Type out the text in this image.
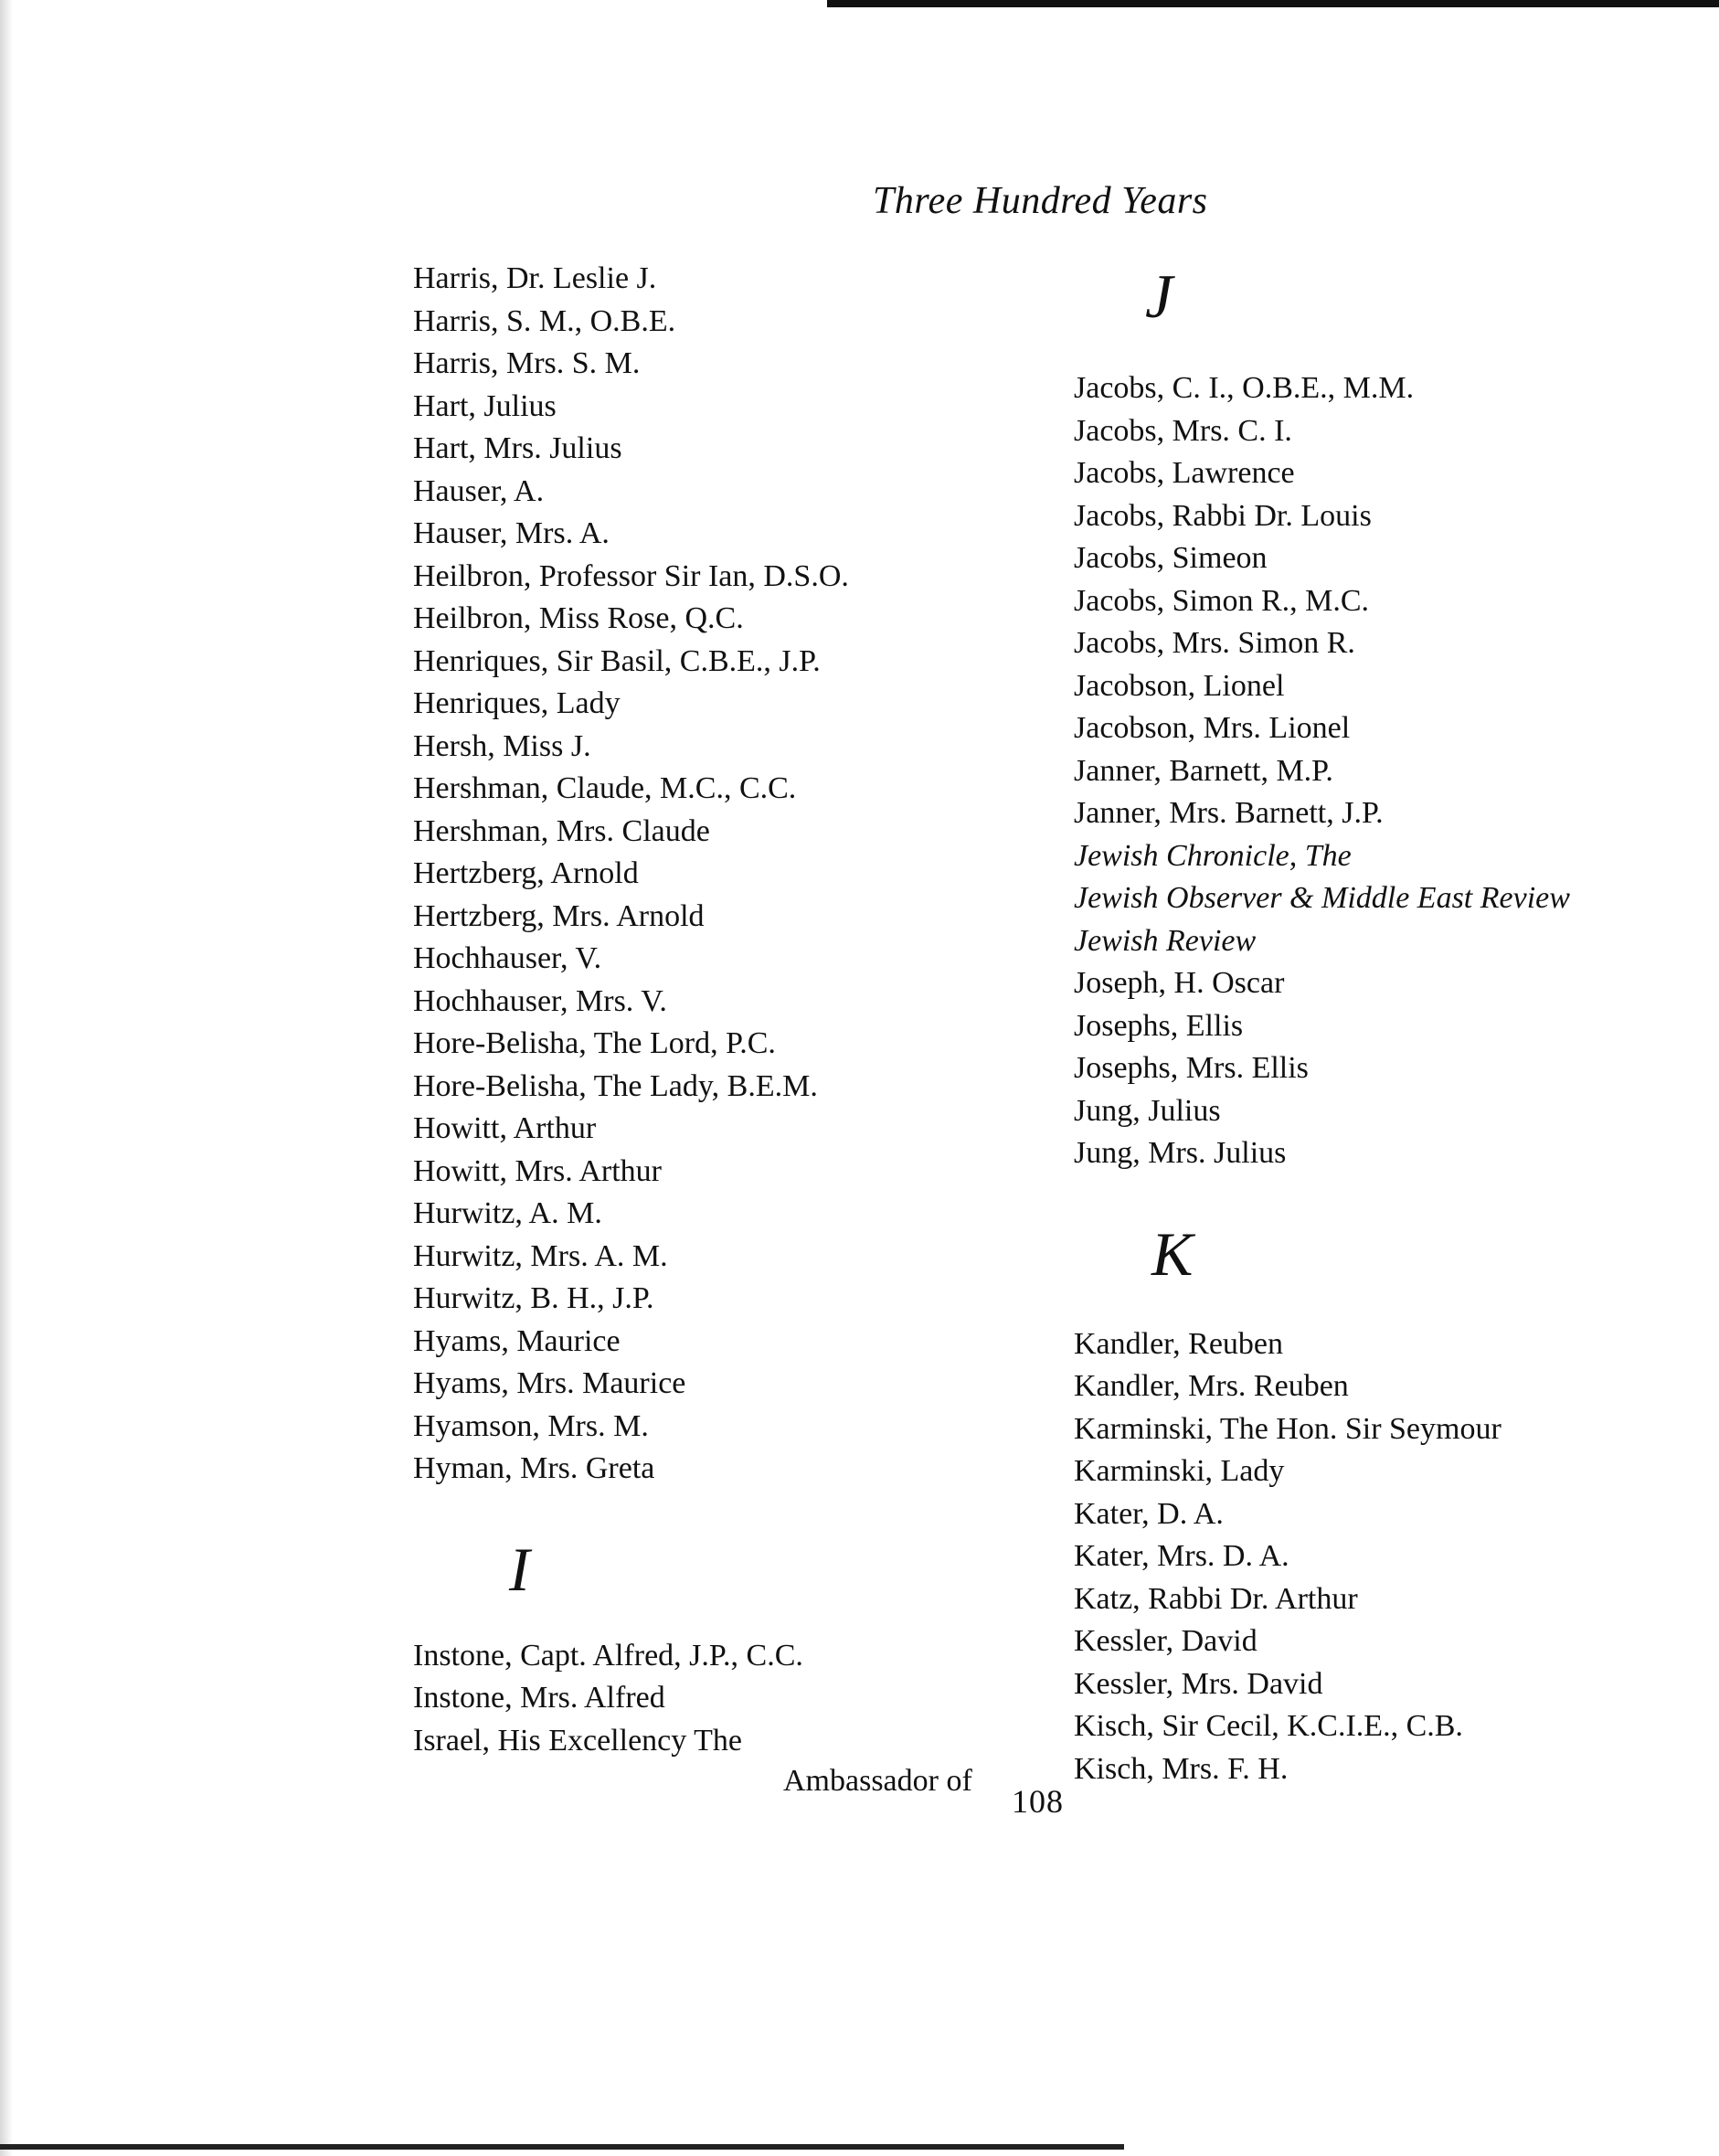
Three Hundred Years
Harris, Dr. Leslie J.
Harris, S. M., O.B.E.
Harris, Mrs. S. M.
Hart, Julius
Hart, Mrs. Julius
Hauser, A.
Hauser, Mrs. A.
Heilbron, Professor Sir Ian, D.S.O.
Heilbron, Miss Rose, Q.C.
Henriques, Sir Basil, C.B.E., J.P.
Henriques, Lady
Hersh, Miss J.
Hershman, Claude, M.C., C.C.
Hershman, Mrs. Claude
Hertzberg, Arnold
Hertzberg, Mrs. Arnold
Hochhauser, V.
Hochhauser, Mrs. V.
Hore-Belisha, The Lord, P.C.
Hore-Belisha, The Lady, B.E.M.
Howitt, Arthur
Howitt, Mrs. Arthur
Hurwitz, A. M.
Hurwitz, Mrs. A. M.
Hurwitz, B. H., J.P.
Hyams, Maurice
Hyams, Mrs. Maurice
Hyamson, Mrs. M.
Hyman, Mrs. Greta
I
Instone, Capt. Alfred, J.P., C.C.
Instone, Mrs. Alfred
Israel, His Excellency The
Ambassador of
J
Jacobs, C. I., O.B.E., M.M.
Jacobs, Mrs. C. I.
Jacobs, Lawrence
Jacobs, Rabbi Dr. Louis
Jacobs, Simeon
Jacobs, Simon R., M.C.
Jacobs, Mrs. Simon R.
Jacobson, Lionel
Jacobson, Mrs. Lionel
Janner, Barnett, M.P.
Janner, Mrs. Barnett, J.P.
Jewish Chronicle, The
Jewish Observer & Middle East Review
Jewish Review
Joseph, H. Oscar
Josephs, Ellis
Josephs, Mrs. Ellis
Jung, Julius
Jung, Mrs. Julius
K
Kandler, Reuben
Kandler, Mrs. Reuben
Karminski, The Hon. Sir Seymour
Karminski, Lady
Kater, D. A.
Kater, Mrs. D. A.
Katz, Rabbi Dr. Arthur
Kessler, David
Kessler, Mrs. David
Kisch, Sir Cecil, K.C.I.E., C.B.
Kisch, Mrs. F. H.
108
